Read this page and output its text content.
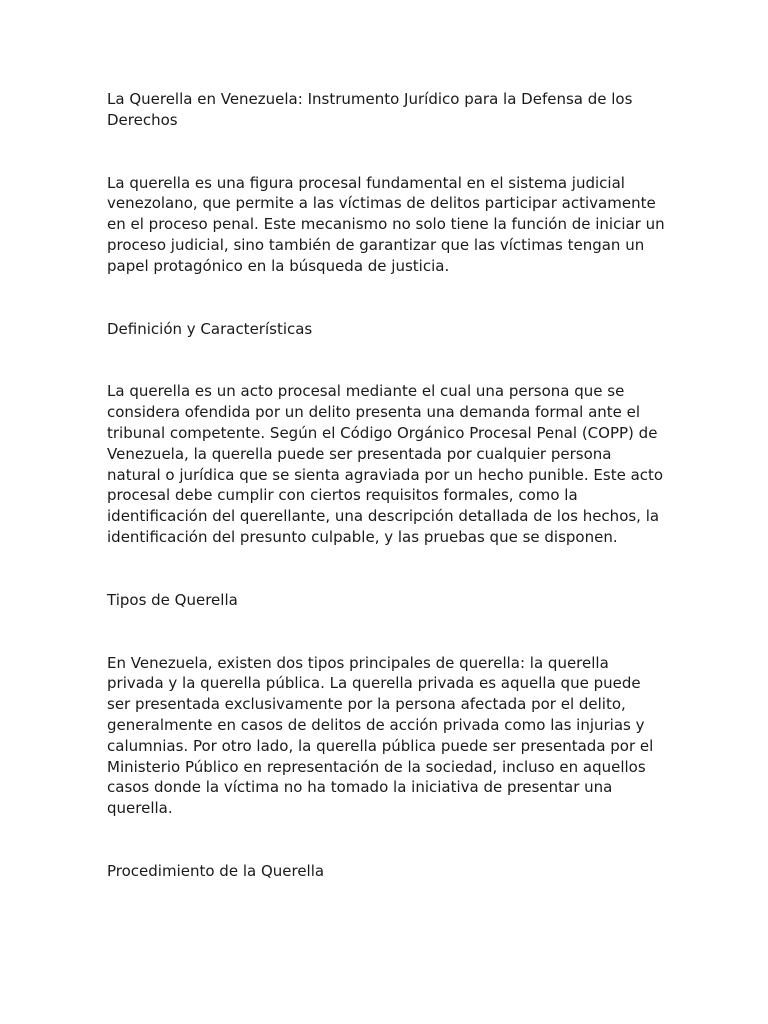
La Querella en Venezuela: Instrumento Jurídico para la Defensa de los Derechos

La querella es una figura procesal fundamental en el sistema judicial venezolano, que permite a las víctimas de delitos participar activamente en el proceso penal. Este mecanismo no solo tiene la función de iniciar un proceso judicial, sino también de garantizar que las víctimas tengan un papel protagónico en la búsqueda de justicia.

Definición y Características

La querella es un acto procesal mediante el cual una persona que se considera ofendida por un delito presenta una demanda formal ante el tribunal competente. Según el Código Orgánico Procesal Penal (COPP) de Venezuela, la querella puede ser presentada por cualquier persona natural o jurídica que se sienta agraviada por un hecho punible. Este acto procesal debe cumplir con ciertos requisitos formales, como la identificación del querellante, una descripción detallada de los hechos, la identificación del presunto culpable, y las pruebas que se disponen.

Tipos de Querella

En Venezuela, existen dos tipos principales de querella: la querella privada y la querella pública. La querella privada es aquella que puede ser presentada exclusivamente por la persona afectada por el delito, generalmente en casos de delitos de acción privada como las injurias y calumnias. Por otro lado, la querella pública puede ser presentada por el Ministerio Público en representación de la sociedad, incluso en aquellos casos donde la víctima no ha tomado la iniciativa de presentar una querella.

Procedimiento de la Querella
